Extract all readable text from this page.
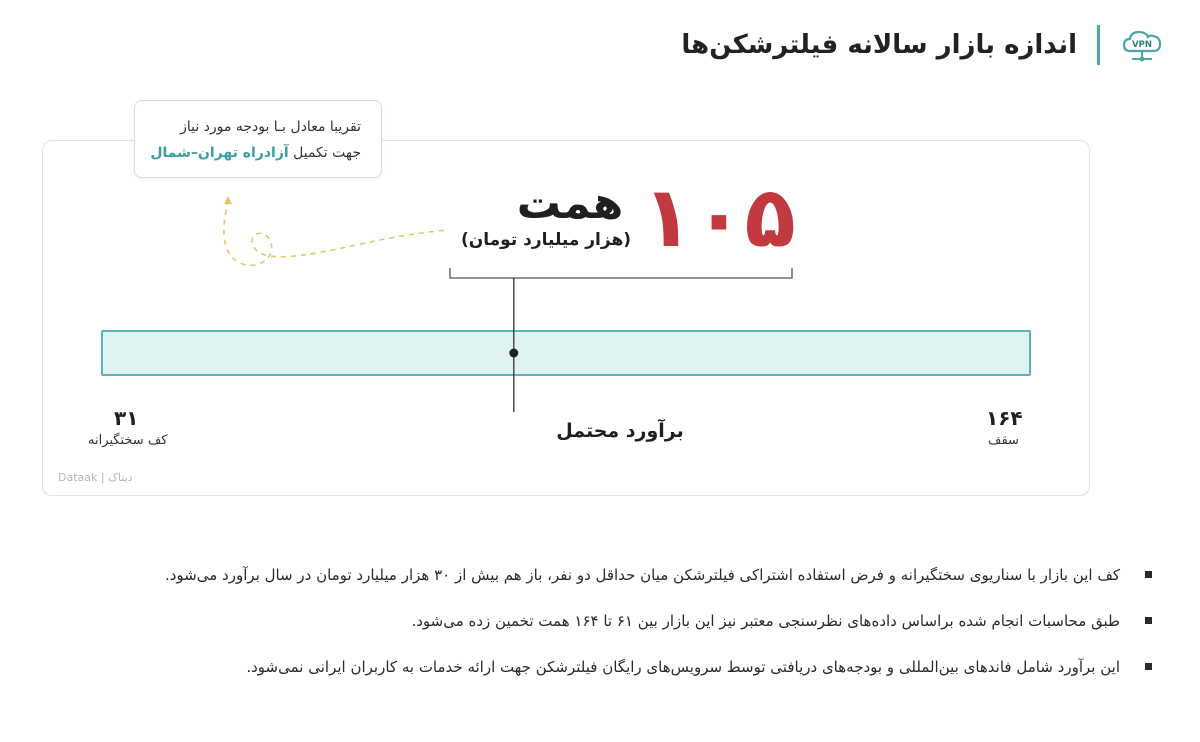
VPN
اندازه بازار سالانه فیلترشکن‌ها
تقریبا معادل بـا بودجه مورد نیاز
جهت تکمیل آزادراه تهران–شمال
۱۰۵
همت
(هزار میلیارد تومان)
۳۱
کف سختگیرانه
۱۶۴
سقف
برآورد محتمل
Dataak | دیتاک
کف این بازار با سناریوی سختگیرانه و فرض استفاده اشتراکی فیلترشکن میان حداقل دو نفر، باز هم بیش از ۳۰ هزار میلیارد تومان در سال برآورد می‌شود.
طبق محاسبات انجام شده براساس داده‌های نظرسنجی معتبر نیز این بازار بین ۶۱ تا ۱۶۴ همت تخمین زده می‌شود.
این برآورد شامل فاندهای بین‌المللی و بودجه‌های دریافتی توسط سرویس‌های رایگان فیلترشکن جهت ارائه خدمات به کاربران ایرانی نمی‌شود.
